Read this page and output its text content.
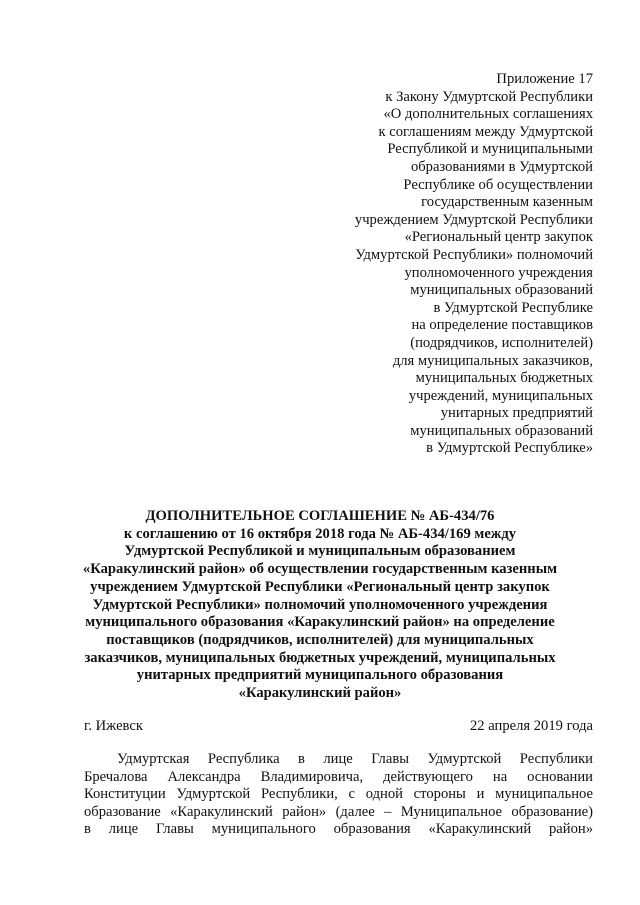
Приложение 17
к Закону Удмуртской Республики
«О дополнительных соглашениях
к соглашениям между Удмуртской
Республикой и муниципальными
образованиями в Удмуртской
Республике об осуществлении
государственным казенным
учреждением Удмуртской Республики
«Региональный центр закупок
Удмуртской Республики» полномочий
уполномоченного учреждения
муниципальных образований
в Удмуртской Республике
на определение поставщиков
(подрядчиков, исполнителей)
для муниципальных заказчиков,
муниципальных бюджетных
учреждений, муниципальных
унитарных предприятий
муниципальных образований
в Удмуртской Республике»
ДОПОЛНИТЕЛЬНОЕ СОГЛАШЕНИЕ № АБ-434/76
к соглашению от 16 октября 2018 года № АБ-434/169 между
Удмуртской Республикой и муниципальным образованием
«Каракулинский район» об осуществлении государственным казенным
учреждением Удмуртской Республики «Региональный центр закупок
Удмуртской Республики» полномочий уполномоченного учреждения
муниципального образования «Каракулинский район» на определение
поставщиков (подрядчиков, исполнителей) для муниципальных
заказчиков, муниципальных бюджетных учреждений, муниципальных
унитарных предприятий муниципального образования
«Каракулинский район»
г. Ижевск	22 апреля 2019 года
Удмуртская Республика в лице Главы Удмуртской Республики
Бречалова Александра Владимировича, действующего на основании
Конституции Удмуртской Республики, с одной стороны и муниципальное
образование «Каракулинский район» (далее – Муниципальное образование)
в лице Главы муниципального образования «Каракулинский район»
